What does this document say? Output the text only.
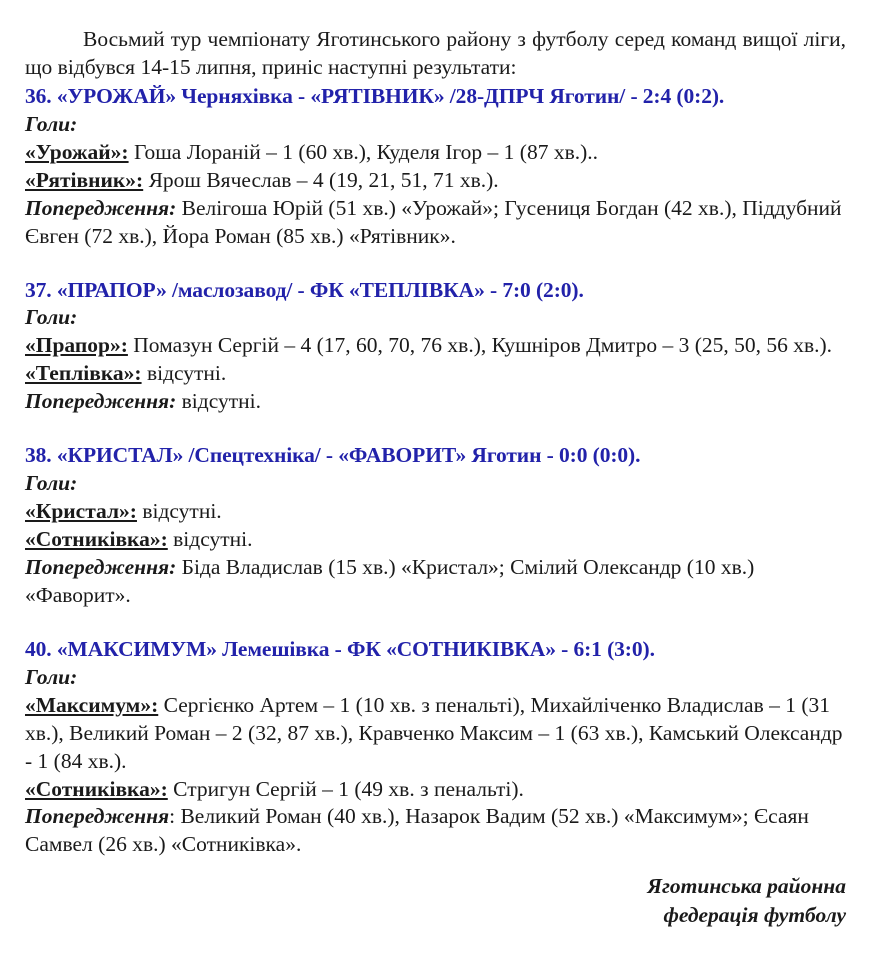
Восьмий тур чемпіонату Яготинського району з футболу серед команд вищої ліги, що відбувся 14-15 липня, приніс наступні результати:

36. «УРОЖАЙ» Черняхівка - «РЯТІВНИК» /28-ДПРЧ Яготин/ - 2:4 (0:2).
Голи:
«Урожай»: Гоша Лораній – 1 (60 хв.), Куделя Ігор – 1 (87 хв.)..
«Рятівник»: Ярош Вячеслав – 4 (19, 21, 51, 71 хв.).
Попередження: Велігоша Юрій (51 хв.) «Урожай»; Гусениця Богдан (42 хв.), Піддубний Євген (72 хв.), Йора Роман (85 хв.) «Рятівник».
37. «ПРАПОР» /маслозавод/ - ФК «ТЕПЛІВКА» - 7:0 (2:0).
Голи:
«Прапор»: Помазун Сергій – 4 (17, 60, 70, 76 хв.), Кушніров Дмитро – 3 (25, 50, 56 хв.).
«Теплівка»: відсутні.
Попередження: відсутні.
38. «КРИСТАЛ» /Спецтехніка/ - «ФАВОРИТ» Яготин - 0:0 (0:0).
Голи:
«Кристал»: відсутні.
«Сотниківка»: відсутні.
Попередження: Біда Владислав (15 хв.) «Кристал»; Смілий Олександр (10 хв.) «Фаворит».
40. «МАКСИМУМ» Лемешівка - ФК «СОТНИКІВКА» - 6:1 (3:0).
Голи:
«Максимум»: Сергієнко Артем – 1 (10 хв. з пенальті), Михайліченко Владислав – 1 (31 хв.), Великий Роман – 2 (32, 87 хв.), Кравченко Максим – 1 (63 хв.), Камський Олександр - 1 (84 хв.).
«Сотниківка»: Стригун Сергій – 1 (49 хв. з пенальті).
Попередження: Великий Роман (40 хв.), Назарок Вадим (52 хв.) «Максимум»; Єсаян Самвел (26 хв.) «Сотниківка».
Яготинська районна
федерація футболу
